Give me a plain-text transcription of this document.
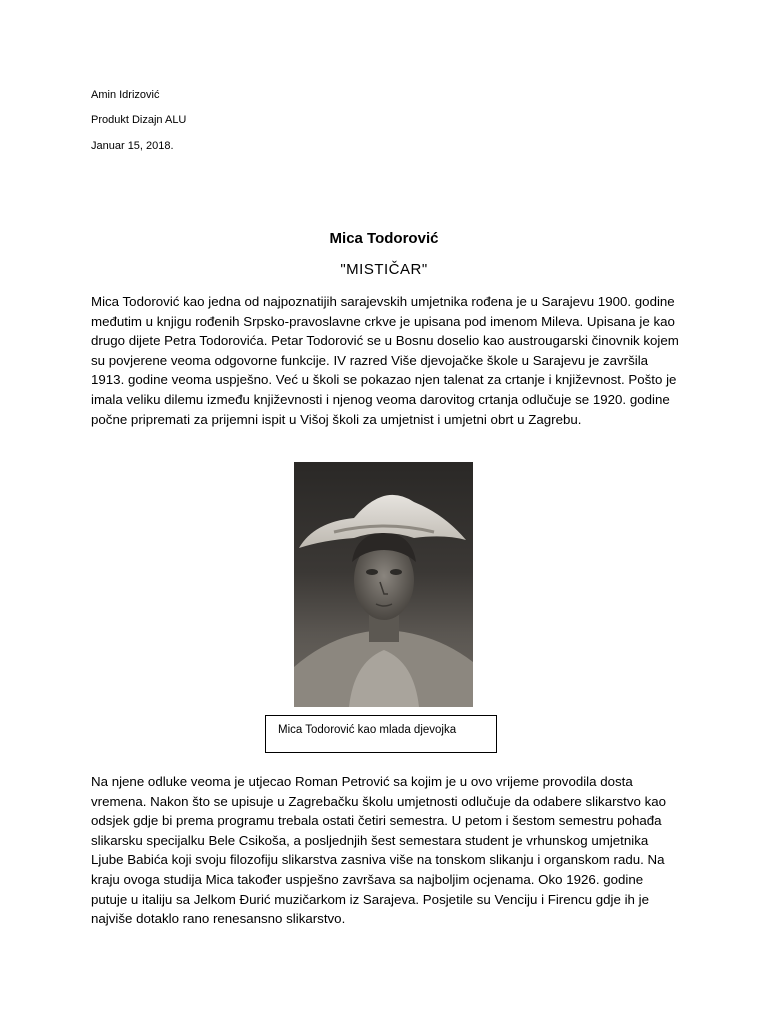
Amin Idrizović
Produkt Dizajn ALU
Januar 15, 2018.
Mica Todorović
"MISTIČAR"

Mica Todorović kao jedna od najpoznatijih sarajevskih umjetnika rođena je u Sarajevu 1900. godine međutim u knjigu rođenih Srpsko-pravoslavne crkve je upisana pod imenom Mileva. Upisana je kao drugo dijete Petra Todorovića. Petar Todorović se u Bosnu doselio kao austrougarski činovnik kojem su povjerene veoma odgovorne funkcije. IV razred Više djevojačke škole u Sarajevu je završila 1913. godine veoma uspješno. Već u školi se pokazao njen talenat za crtanje i književnost. Pošto je imala veliku dilemu između književnosti i njenog veoma darovitog crtanja odlučuje se 1920. godine počne pripremati za prijemni ispit u Višoj školi za umjetnist i umjetni obrt u Zagrebu.

Mica Todorović kao mlada djevojka

Na njene odluke veoma je utjecao Roman Petrović sa kojim je u ovo vrijeme provodila dosta vremena. Nakon što se upisuje u Zagrebačku školu umjetnosti odlučuje da odabere slikarstvo kao odsjek gdje bi prema programu trebala ostati četiri semestra. U petom i šestom semestru pohađa slikarsku specijalku Bele Csikoša, a posljednjih šest semestara student je vrhunskog umjetnika Ljube Babića koji svoju filozofiju slikarstva zasniva više na tonskom slikanju i organskom radu. Na kraju ovoga studija Mica također uspješno završava sa najboljim ocjenama. Oko 1926. godine putuje u italiju sa Jelkom Đurić muzičarkom iz Sarajeva. Posjetile su Venciju i Firencu gdje ih je najviše dotaklo rano renesansno slikarstvo.
